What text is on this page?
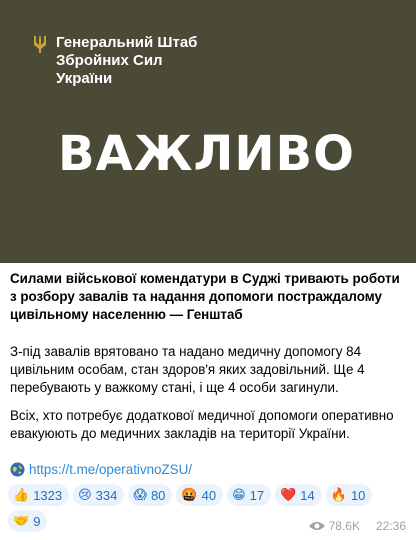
Генеральний Штаб
Збройних Сил
України
ВАЖЛИВО

Силами військової комендатури в Суджі тривають роботи з розбору завалів та надання допомоги постраждалому цивільному населенню — Генштаб

З-під завалів врятовано та надано медичну допомогу 84 цивільним особам, стан здоров'я яких задовільний. Ще 4 перебувають у важкому стані, і ще 4 особи загинули.
Всіх, хто потребує додаткової медичної допомоги оперативно евакуюють до медичних закладів на території України.
https://t.me/operativnoZSU/
👍 1323 😢 334 😱 80 🤬 40 😁 17 ❤️ 14 🔥 10
🤝 9	78.6K 22:36
